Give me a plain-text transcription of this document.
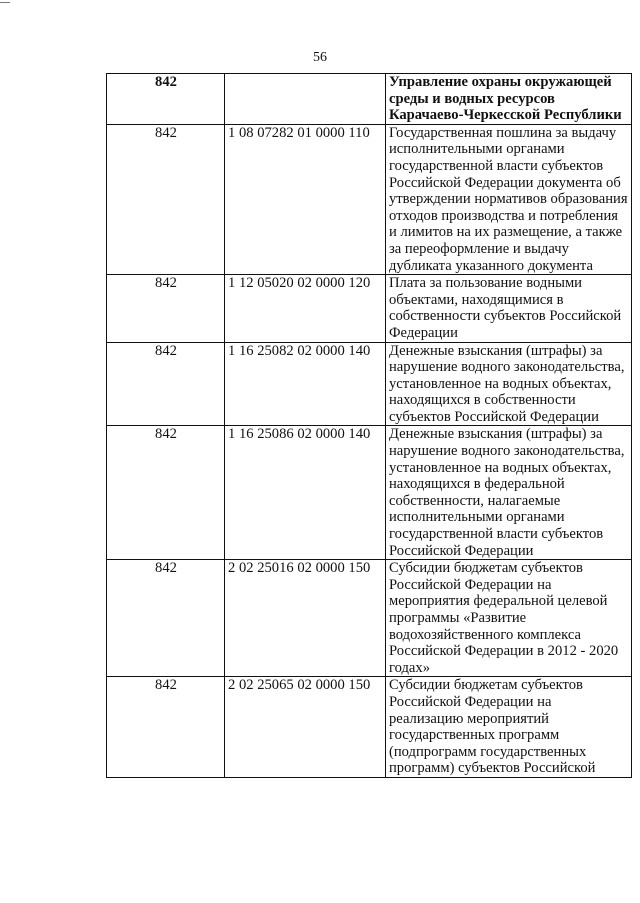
56
842		Управление охраны окружающей среды и водных ресурсов Карачаево-Черкесской Республики

842	1 08 07282 01 0000 110	Государственная пошлина за выдачу исполнительными органами государственной власти субъектов Российской Федерации документа об утверждении нормативов образования отходов производства и потребления и лимитов на их размещение, а также за переоформление и выдачу дубликата указанного документа

842	1 12 05020 02 0000 120	Плата за пользование водными объектами, находящимися в собственности субъектов Российской Федерации

842	1 16 25082 02 0000 140	Денежные взыскания (штрафы) за нарушение водного законодательства, установленное на водных объектах, находящихся в собственности субъектов Российской Федерации

842	1 16 25086 02 0000 140	Денежные взыскания (штрафы) за нарушение водного законодательства, установленное на водных объектах, находящихся в федеральной собственности, налагаемые исполнительными органами государственной власти субъектов Российской Федерации

842	2 02 25016 02 0000 150	Субсидии бюджетам субъектов Российской Федерации на мероприятия федеральной целевой программы «Развитие водохозяйственного комплекса Российской Федерации в 2012 - 2020 годах»

842	2 02 25065 02 0000 150	Субсидии бюджетам субъектов Российской Федерации на реализацию мероприятий государственных программ (подпрограмм государственных программ) субъектов Российской
